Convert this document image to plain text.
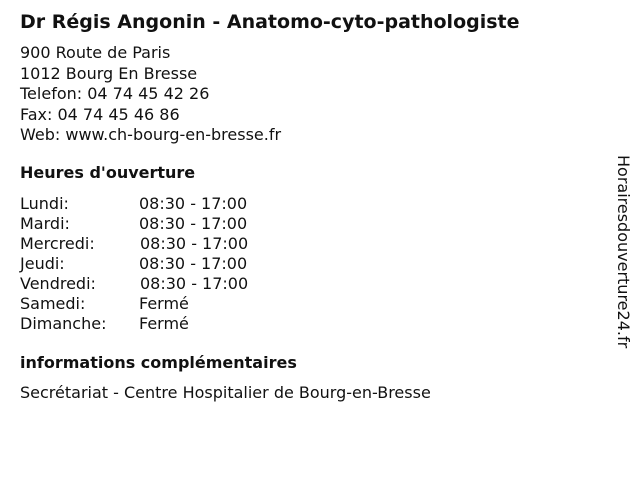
Dr Régis Angonin - Anatomo-cyto-pathologiste
900 Route de Paris
1012 Bourg En Bresse
Telefon: 04 74 45 42 26
Fax: 04 74 45 46 86
Web: www.ch-bourg-en-bresse.fr
Heures d'ouverture
Lundi:	08:30 - 17:00
Mardi:	08:30 - 17:00
Mercredi:	08:30 - 17:00
Jeudi:	08:30 - 17:00
Vendredi:	08:30 - 17:00
Samedi:	Fermé
Dimanche: Fermé
informations complémentaires
Secrétariat - Centre Hospitalier de Bourg-en-Bresse
Horairesdouverture24.fr
